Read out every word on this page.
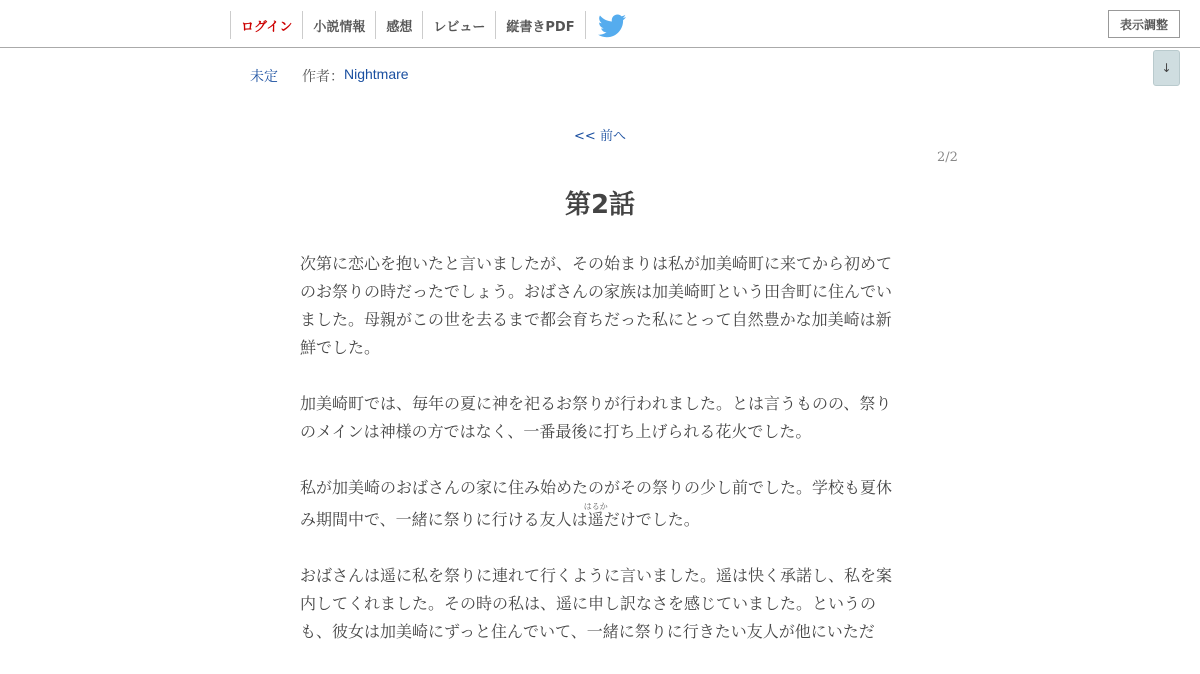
ログイン	小説情報	感想	レビュー	縦書きPDF	表示調整
↓
未定 作者： Nightmare
<< 前へ
2/2
第2話

次第に恋心を抱いたと言いましたが、その始まりは私が加美崎町に来てから初めて
のお祭りの時だったでしょう。おばさんの家族は加美崎町という田舎町に住んでい
ました。母親がこの世を去るまで都会育ちだった私にとって自然豊かな加美崎は新
鮮でした。

加美崎町では、毎年の夏に神を祀るお祭りが行われました。とは言うものの、祭り
のメインは神様の方ではなく、一番最後に打ち上げられる花火でした。

私が加美崎のおばさんの家に住み始めたのがその祭りの少し前でした。学校も夏休
み期間中で、一緒に祭りに行ける友人は遥はるかだけでした。

おばさんは遥に私を祭りに連れて行くように言いました。遥は快く承諾し、私を案
内してくれました。その時の私は、遥に申し訳なさを感じていました。というの
も、彼女は加美崎にずっと住んでいて、一緒に祭りに行きたい友人が他にいただ
